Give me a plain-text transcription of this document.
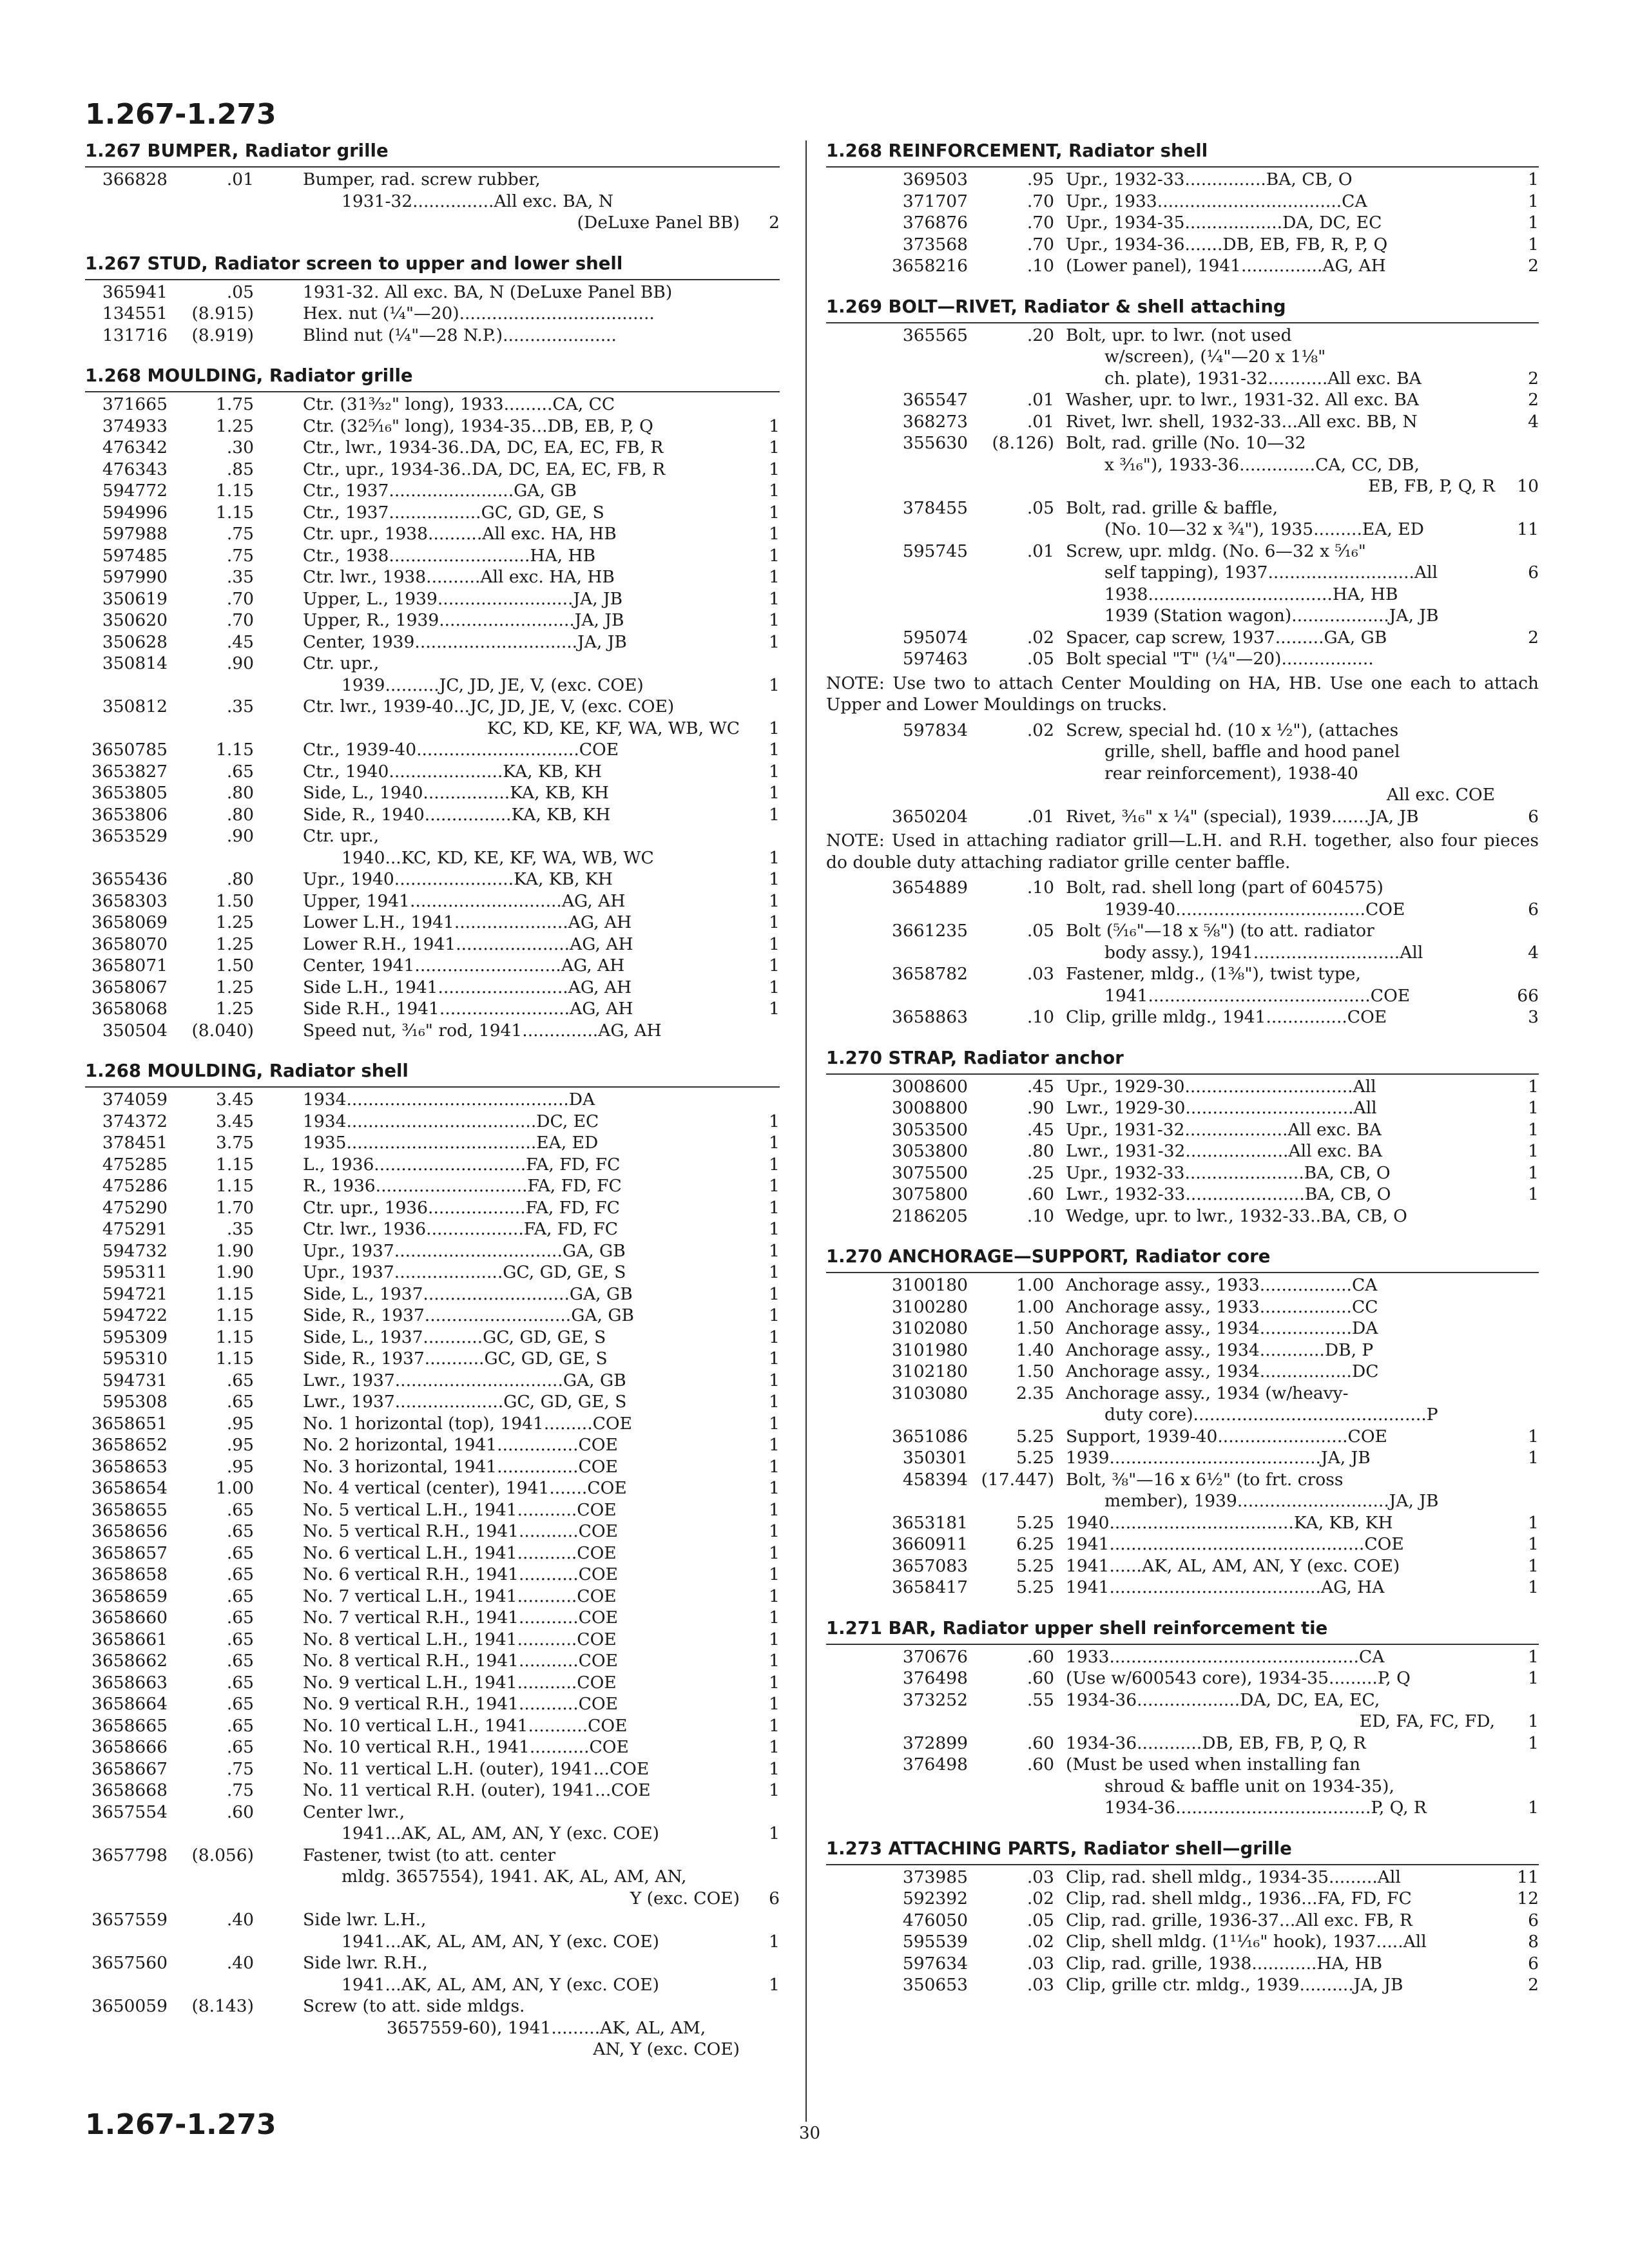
1.267-1.273
1.267 BUMPER, Radiator grille
366828	.01	Bumper, rad. screw rubber,
1931-32...............All exc. BA, N
(DeLuxe Panel BB)	2
1.267 STUD, Radiator screen to upper and lower shell
365941	.05	1931-32. All exc. BA, N (DeLuxe Panel BB)
134551	(8.915)	Hex. nut (¼"—20)....................................
131716	(8.919)	Blind nut (¼"—28 N.P.).....................
1.268 MOULDING, Radiator grille
371665	1.75	Ctr. (31³⁄₃₂" long), 1933.........CA, CC
374933	1.25	Ctr. (32⁵⁄₁₆" long), 1934-35...DB, EB, P, Q	1
476342	.30	Ctr., lwr., 1934-36..DA, DC, EA, EC, FB, R	1
476343	.85	Ctr., upr., 1934-36..DA, DC, EA, EC, FB, R	1
594772	1.15	Ctr., 1937.......................GA, GB	1
594996	1.15	Ctr., 1937.................GC, GD, GE, S	1
597988	.75	Ctr. upr., 1938..........All exc. HA, HB	1
597485	.75	Ctr., 1938..........................HA, HB	1
597990	.35	Ctr. lwr., 1938..........All exc. HA, HB	1
350619	.70	Upper, L., 1939.........................JA, JB	1
350620	.70	Upper, R., 1939.........................JA, JB	1
350628	.45	Center, 1939..............................JA, JB	1
350814	.90	Ctr. upr.,
1939..........JC, JD, JE, V, (exc. COE)	1
350812	.35	Ctr. lwr., 1939-40...JC, JD, JE, V, (exc. COE)
KC, KD, KE, KF, WA, WB, WC	1
3650785	1.15	Ctr., 1939-40..............................COE	1
3653827	.65	Ctr., 1940.....................KA, KB, KH	1
3653805	.80	Side, L., 1940................KA, KB, KH	1
3653806	.80	Side, R., 1940................KA, KB, KH	1
3653529	.90	Ctr. upr.,
1940...KC, KD, KE, KF, WA, WB, WC	1
3655436	.80	Upr., 1940......................KA, KB, KH	1
3658303	1.50	Upper, 1941............................AG, AH	1
3658069	1.25	Lower L.H., 1941.....................AG, AH	1
3658070	1.25	Lower R.H., 1941.....................AG, AH	1
3658071	1.50	Center, 1941...........................AG, AH	1
3658067	1.25	Side L.H., 1941........................AG, AH	1
3658068	1.25	Side R.H., 1941........................AG, AH	1
350504	(8.040)	Speed nut, ³⁄₁₆" rod, 1941..............AG, AH
1.268 MOULDING, Radiator shell
374059	3.45	1934.........................................DA
374372	3.45	1934...................................DC, EC	1
378451	3.75	1935...................................EA, ED	1
475285	1.15	L., 1936............................FA, FD, FC	1
475286	1.15	R., 1936............................FA, FD, FC	1
475290	1.70	Ctr. upr., 1936..................FA, FD, FC	1
475291	.35	Ctr. lwr., 1936..................FA, FD, FC	1
594732	1.90	Upr., 1937...............................GA, GB	1
595311	1.90	Upr., 1937....................GC, GD, GE, S	1
594721	1.15	Side, L., 1937...........................GA, GB	1
594722	1.15	Side, R., 1937...........................GA, GB	1
595309	1.15	Side, L., 1937...........GC, GD, GE, S	1
595310	1.15	Side, R., 1937...........GC, GD, GE, S	1
594731	.65	Lwr., 1937...............................GA, GB	1
595308	.65	Lwr., 1937....................GC, GD, GE, S	1
3658651	.95	No. 1 horizontal (top), 1941.........COE	1
3658652	.95	No. 2 horizontal, 1941...............COE	1
3658653	.95	No. 3 horizontal, 1941...............COE	1
3658654	1.00	No. 4 vertical (center), 1941.......COE	1
3658655	.65	No. 5 vertical L.H., 1941...........COE	1
3658656	.65	No. 5 vertical R.H., 1941...........COE	1
3658657	.65	No. 6 vertical L.H., 1941...........COE	1
3658658	.65	No. 6 vertical R.H., 1941...........COE	1
3658659	.65	No. 7 vertical L.H., 1941...........COE	1
3658660	.65	No. 7 vertical R.H., 1941...........COE	1
3658661	.65	No. 8 vertical L.H., 1941...........COE	1
3658662	.65	No. 8 vertical R.H., 1941...........COE	1
3658663	.65	No. 9 vertical L.H., 1941...........COE	1
3658664	.65	No. 9 vertical R.H., 1941...........COE	1
3658665	.65	No. 10 vertical L.H., 1941...........COE	1
3658666	.65	No. 10 vertical R.H., 1941...........COE	1
3658667	.75	No. 11 vertical L.H. (outer), 1941...COE	1
3658668	.75	No. 11 vertical R.H. (outer), 1941...COE	1
3657554	.60	Center lwr.,
1941...AK, AL, AM, AN, Y (exc. COE)	1
3657798	(8.056)	Fastener, twist (to att. center
mldg. 3657554), 1941. AK, AL, AM, AN,
Y (exc. COE)	6
3657559	.40	Side lwr. L.H.,
1941...AK, AL, AM, AN, Y (exc. COE)	1
3657560	.40	Side lwr. R.H.,
1941...AK, AL, AM, AN, Y (exc. COE)	1
3650059	(8.143)	Screw (to att. side mldgs.
3657559-60), 1941.........AK, AL, AM,
AN, Y (exc. COE)
1.268 REINFORCEMENT, Radiator shell
369503	.95 Upr., 1932-33...............BA, CB, O	1
371707	.70 Upr., 1933..................................CA	1
376876	.70 Upr., 1934-35..................DA, DC, EC	1
373568	.70 Upr., 1934-36.......DB, EB, FB, R, P, Q	1
3658216	.10 (Lower panel), 1941...............AG, AH	2
1.269 BOLT—RIVET, Radiator & shell attaching
365565	.20 Bolt, upr. to lwr. (not used
w/screen), (¼"—20 x 1⅛"
ch. plate), 1931-32...........All exc. BA	2
365547	.01 Washer, upr. to lwr., 1931-32. All exc. BA	2
368273	.01 Rivet, lwr. shell, 1932-33...All exc. BB, N	4
355630	(8.126) Bolt, rad. grille (No. 10—32
x ³⁄₁₆"), 1933-36..............CA, CC, DB,
EB, FB, P, Q, R	10
378455	.05 Bolt, rad. grille & baffle,
(No. 10—32 x ¾"), 1935.........EA, ED	11
595745	.01 Screw, upr. mldg. (No. 6—32 x ⁵⁄₁₆"
self tapping), 1937...........................All	6
1938..................................HA, HB
1939 (Station wagon)..................JA, JB
595074	.02 Spacer, cap screw, 1937.........GA, GB	2
597463	.05 Bolt special "T" (¼"—20).................
NOTE: Use two to attach Center Moulding on HA, HB. Use one each to attach Upper and Lower Mouldings on trucks.
597834	.02 Screw, special hd. (10 x ½"), (attaches
grille, shell, baffle and hood panel
rear reinforcement), 1938-40
All exc. COE
3650204	.01 Rivet, ³⁄₁₆" x ¼" (special), 1939.......JA, JB	6
NOTE: Used in attaching radiator grill—L.H. and R.H. together, also four pieces do double duty attaching radiator grille center baffle.
3654889	.10 Bolt, rad. shell long (part of 604575)
1939-40...................................COE	6
3661235	.05 Bolt (⁵⁄₁₆"—18 x ⅝") (to att. radiator
body assy.), 1941...........................All	4
3658782	.03 Fastener, mldg., (1⅜"), twist type,
1941.........................................COE	66
3658863	.10 Clip, grille mldg., 1941...............COE	3
1.270 STRAP, Radiator anchor
3008600	.45 Upr., 1929-30...............................All	1
3008800	.90 Lwr., 1929-30...............................All	1
3053500	.45 Upr., 1931-32...................All exc. BA	1
3053800	.80 Lwr., 1931-32...................All exc. BA	1
3075500	.25 Upr., 1932-33......................BA, CB, O	1
3075800	.60 Lwr., 1932-33......................BA, CB, O	1
2186205	.10 Wedge, upr. to lwr., 1932-33..BA, CB, O
1.270 ANCHORAGE—SUPPORT, Radiator core
3100180	1.00 Anchorage assy., 1933.................CA
3100280	1.00 Anchorage assy., 1933.................CC
3102080	1.50 Anchorage assy., 1934.................DA
3101980	1.40 Anchorage assy., 1934............DB, P
3102180	1.50 Anchorage assy., 1934.................DC
3103080	2.35 Anchorage assy., 1934 (w/heavy-
duty core)...........................................P
3651086	5.25 Support, 1939-40........................COE	1
350301	5.25 1939.......................................JA, JB	1
458394 (17.447) Bolt, ⅜"—16 x 6½" (to frt. cross
member), 1939............................JA, JB
3653181	5.25 1940..................................KA, KB, KH	1
3660911	6.25 1941...............................................COE	1
3657083	5.25 1941......AK, AL, AM, AN, Y (exc. COE)	1
3658417	5.25 1941.......................................AG, HA	1
1.271 BAR, Radiator upper shell reinforcement tie
370676	.60 1933..............................................CA	1
376498	.60 (Use w/600543 core), 1934-35.........P, Q	1
373252	.55 1934-36...................DA, DC, EA, EC,
ED, FA, FC, FD,	1
372899	.60 1934-36............DB, EB, FB, P, Q, R	1
376498	.60 (Must be used when installing fan
shroud & baffle unit on 1934-35),
1934-36....................................P, Q, R	1
1.273 ATTACHING PARTS, Radiator shell—grille
373985	.03 Clip, rad. shell mldg., 1934-35.........All	11
592392	.02 Clip, rad. shell mldg., 1936...FA, FD, FC	12
476050	.05 Clip, rad. grille, 1936-37...All exc. FB, R	6
595539	.02 Clip, shell mldg. (1¹¹⁄₁₆" hook), 1937.....All	8
597634	.03 Clip, rad. grille, 1938............HA, HB	6
350653	.03 Clip, grille ctr. mldg., 1939..........JA, JB	2
1.267-1.273	30
